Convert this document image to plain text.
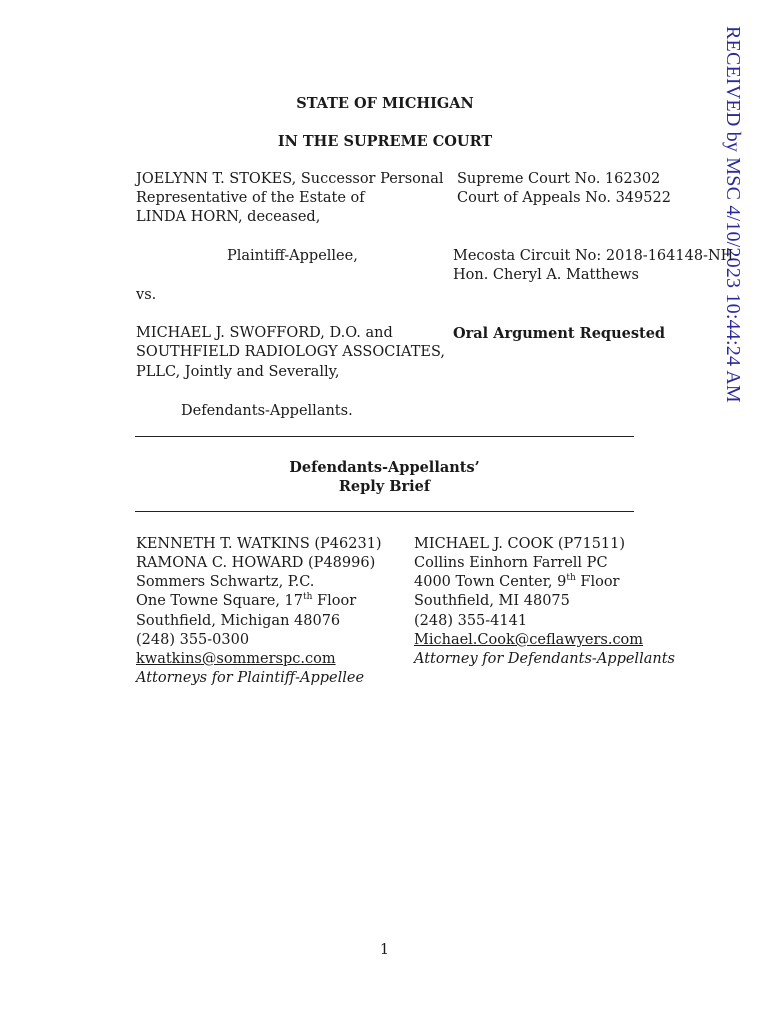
RECEIVED by MSC 4/10/2023 10:44:24 AM
STATE OF MICHIGAN
IN THE SUPREME COURT
JOELYNN T. STOKES, Successor Personal
Representative of the Estate of
LINDA HORN, deceased,
Plaintiff-Appellee,
vs.
MICHAEL J. SWOFFORD, D.O. and
SOUTHFIELD RADIOLOGY ASSOCIATES,
PLLC, Jointly and Severally,
Defendants-Appellants.
Supreme Court No. 162302
Court of Appeals No. 349522
Mecosta Circuit No: 2018-164148-NH
Hon. Cheryl A. Matthews
Oral Argument Requested
Defendants-Appellants’
Reply Brief
KENNETH T. WATKINS (P46231)
RAMONA C. HOWARD (P48996)
Sommers Schwartz, P.C.
One Towne Square, 17th Floor
Southfield, Michigan 48076
(248) 355-0300
kwatkins@sommerspc.com
Attorneys for Plaintiff-Appellee
MICHAEL J. COOK (P71511)
Collins Einhorn Farrell PC
4000 Town Center, 9th Floor
Southfield, MI 48075
(248) 355-4141
Michael.Cook@ceflawyers.com
Attorney for Defendants-Appellants
1
